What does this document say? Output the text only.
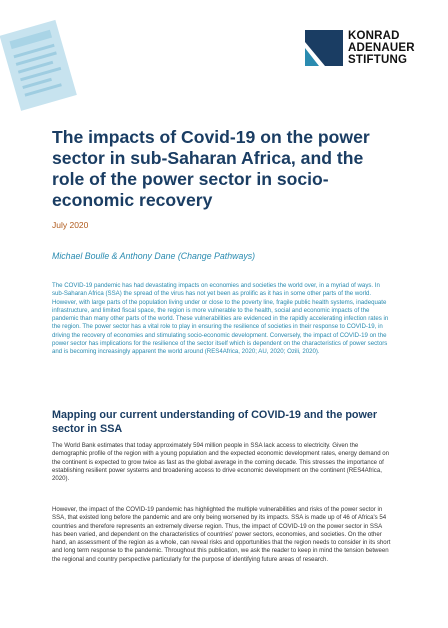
KONRAD
ADENAUER
STIFTUNG
The impacts of Covid-19 on the power sector in sub-Saharan Africa, and the role of the power sector in socio-economic recovery
July 2020
Michael Boulle & Anthony Dane (Change Pathways)

The COVID-19 pandemic has had devastating impacts on economies and societies the world over, in a myriad of ways. In sub-Saharan Africa (SSA) the spread of the virus has not yet been as prolific as it has in some other parts of the world. However, with large parts of the population living under or close to the poverty line, fragile public health systems, inadequate infrastructure, and limited fiscal space, the region is more vulnerable to the health, social and economic impacts of the pandemic than many other parts of the world. These vulnerabilities are evidenced in the rapidly accelerating infection rates in the region. The power sector has a vital role to play in ensuring the resilience of societies in their response to COVID-19, in driving the recovery of economies and stimulating socio-economic development. Conversely, the impact of COVID-19 on the power sector has implications for the resilience of the sector itself which is dependent on the characteristics of power sectors and is becoming increasingly apparent the world around (RES4Africa, 2020; AU, 2020; Ozili, 2020).

Mapping our current understanding of COVID-19 and the power sector in SSA

The World Bank estimates that today approximately 594 million people in SSA lack access to electricity. Given the demographic profile of the region with a young population and the expected economic development rates, energy demand on the continent is expected to grow twice as fast as the global average in the coming decade. This stresses the importance of establishing resilient power systems and broadening access to drive economic development on the continent (RES4Africa, 2020).

However, the impact of the COVID-19 pandemic has highlighted the multiple vulnerabilities and risks of the power sector in SSA, that existed long before the pandemic and are only being worsened by its impacts. SSA is made up of 46 of Africa's 54 countries and therefore represents an extremely diverse region. Thus, the impact of COVID-19 on the power sector in SSA has been varied, and dependent on the characteristics of countries' power sectors, economies, and societies. On the other hand, an assessment of the region as a whole, can reveal risks and opportunities that the region needs to consider in its short and long term response to the pandemic. Throughout this publication, we ask the reader to keep in mind the tension between the regional and country perspective particularly for the purpose of identifying future areas of research.
